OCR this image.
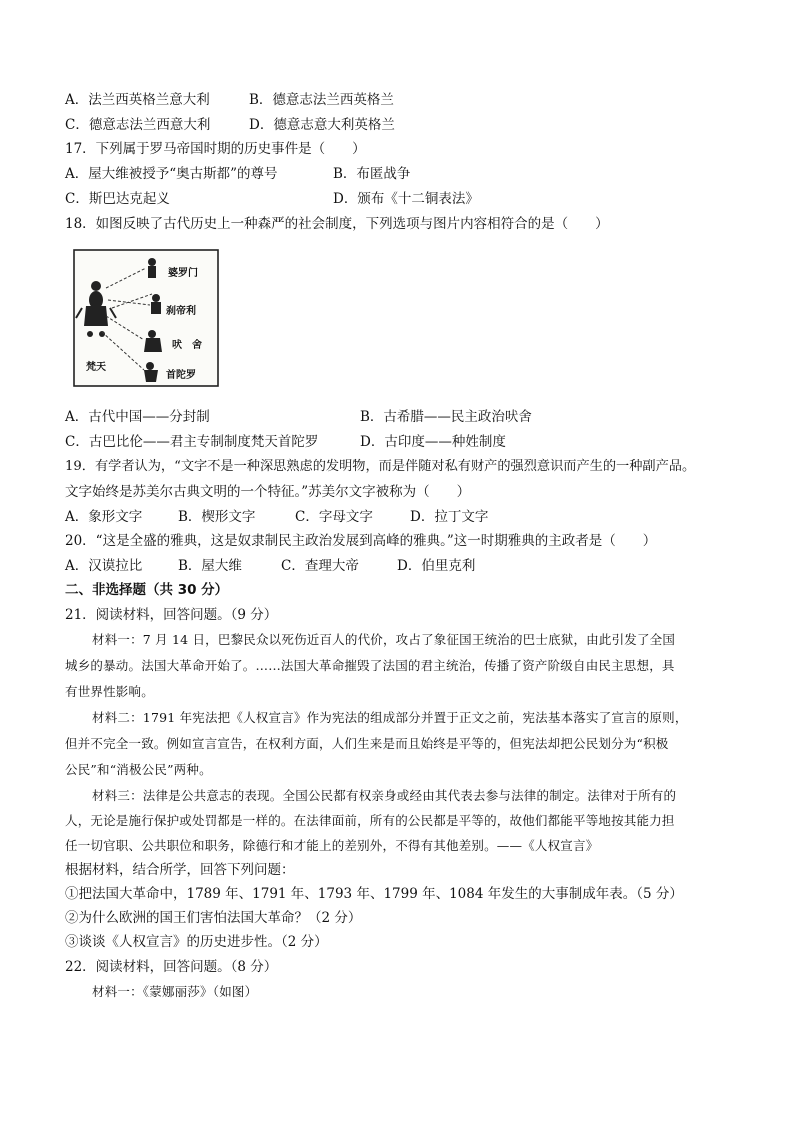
A．法兰西英格兰意大利	B．德意志法兰西英格兰
C．德意志法兰西意大利	D．德意志意大利英格兰
17．下列属于罗马帝国时期的历史事件是（　　）
A．屋大维被授予“奥古斯都”的尊号	B．布匿战争
C．斯巴达克起义	D．颁布《十二铜表法》
18．如图反映了古代历史上一种森严的社会制度，下列选项与图片内容相符合的是（　　）
婆罗门
刹帝利
吠　舍
首陀罗
梵天
A．古代中国——分封制	B．古希腊——民主政治吠舍
C．古巴比伦——君主专制制度梵天首陀罗	D．古印度——种姓制度
19．有学者认为，“文字不是一种深思熟虑的发明物，而是伴随对私有财产的强烈意识而产生的一种副产品。
文字始终是苏美尔古典文明的一个特征。”苏美尔文字被称为（　　）
A．象形文字	B．楔形文字	C．字母文字	D．拉丁文字
20．“这是全盛的雅典，这是奴隶制民主政治发展到高峰的雅典。”这一时期雅典的主政者是（　　）
A．汉谟拉比	B．屋大维	C．查理大帝	D．伯里克利
二、非选择题（共 30 分）
21．阅读材料，回答问题。（9 分）
材料一：7 月 14 日，巴黎民众以死伤近百人的代价，攻占了象征国王统治的巴士底狱，由此引发了全国
城乡的暴动。法国大革命开始了。……法国大革命摧毁了法国的君主统治，传播了资产阶级自由民主思想，具
有世界性影响。
材料二：1791 年宪法把《人权宣言》作为宪法的组成部分并置于正文之前，宪法基本落实了宣言的原则，
但并不完全一致。例如宣言宣告，在权利方面，人们生来是而且始终是平等的，但宪法却把公民划分为“积极
公民”和“消极公民”两种。
材料三：法律是公共意志的表现。全国公民都有权亲身或经由其代表去参与法律的制定。法律对于所有的
人，无论是施行保护或处罚都是一样的。在法律面前，所有的公民都是平等的，故他们都能平等地按其能力担
任一切官职、公共职位和职务，除德行和才能上的差别外，不得有其他差别。——《人权宣言》
根据材料，结合所学，回答下列问题：
①把法国大革命中，1789 年、1791 年、1793 年、1799 年、1084 年发生的大事制成年表。（5 分）
②为什么欧洲的国王们害怕法国大革命？（2 分）
③谈谈《人权宣言》的历史进步性。（2 分）
22．阅读材料，回答问题。（8 分）
材料一：《蒙娜丽莎》（如图）
